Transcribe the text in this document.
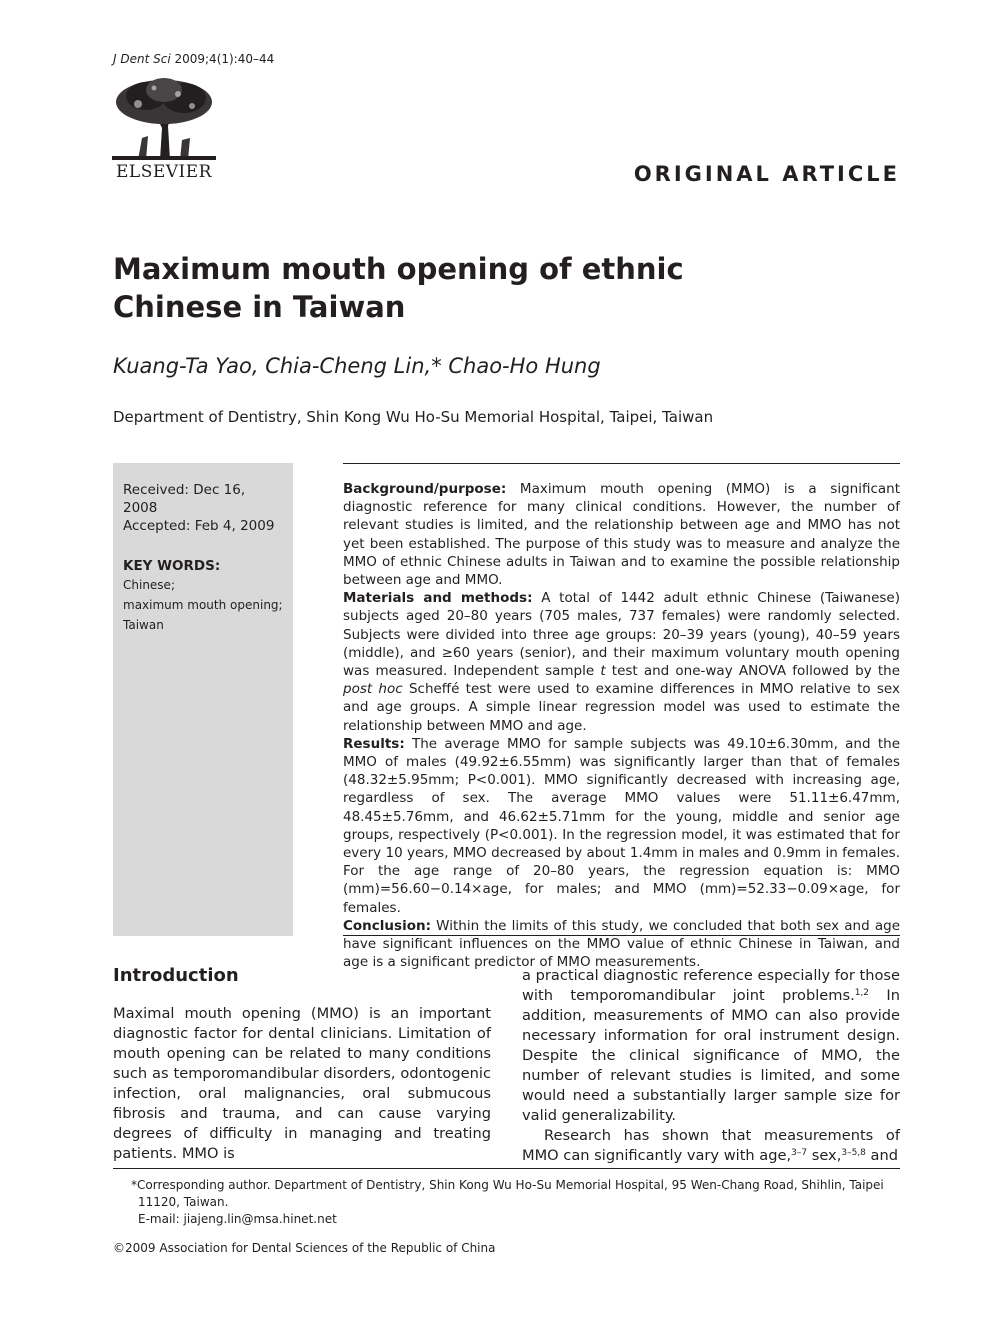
J Dent Sci 2009;4(1):40–44
ELSEVIER	ORIGINAL ARTICLE
Maximum mouth opening of ethnic
Chinese in Taiwan
Kuang-Ta Yao, Chia-Cheng Lin,* Chao-Ho Hung
Department of Dentistry, Shin Kong Wu Ho-Su Memorial Hospital, Taipei, Taiwan
Received: Dec 16, 2008
Accepted: Feb 4, 2009
KEY WORDS:
Chinese;
maximum mouth opening;
Taiwan

Background/purpose: Maximum mouth opening (MMO) is a significant diagnostic reference for many clinical conditions. However, the number of relevant studies is limited, and the relationship between age and MMO has not yet been established. The purpose of this study was to measure and analyze the MMO of ethnic Chinese adults in Taiwan and to examine the possible relationship between age and MMO.

Materials and methods: A total of 1442 adult ethnic Chinese (Taiwanese) subjects aged 20–80 years (705 males, 737 females) were randomly selected. Subjects were divided into three age groups: 20–39 years (young), 40–59 years (middle), and ≥60 years (senior), and their maximum voluntary mouth opening was measured. Independent sample t test and one-way ANOVA followed by the post hoc Scheffé test were used to examine differences in MMO relative to sex and age groups. A simple linear regression model was used to estimate the relationship between MMO and age.

Results: The average MMO for sample subjects was 49.10±6.30mm, and the MMO of males (49.92±6.55mm) was significantly larger than that of females (48.32±5.95mm; P<0.001). MMO significantly decreased with increasing age, regardless of sex. The average MMO values were 51.11±6.47mm, 48.45±5.76mm, and 46.62±5.71mm for the young, middle and senior age groups, respectively (P<0.001). In the regression model, it was estimated that for every 10 years, MMO decreased by about 1.4mm in males and 0.9mm in females. For the age range of 20–80 years, the regression equation is: MMO (mm)=56.60−0.14×age, for males; and MMO (mm)=52.33−0.09×age, for females.

Conclusion: Within the limits of this study, we concluded that both sex and age have significant influences on the MMO value of ethnic Chinese in Taiwan, and age is a significant predictor of MMO measurements.

Introduction

Maximal mouth opening (MMO) is an important diagnostic factor for dental clinicians. Limitation of mouth opening can be related to many conditions such as temporomandibular disorders, odontogenic infection, oral malignancies, oral submucous fibrosis and trauma, and can cause varying degrees of difficulty in managing and treating patients. MMO is

a practical diagnostic reference especially for those with temporomandibular joint problems.$^{1,2}$ In addition, measurements of MMO can also provide necessary information for oral instrument design. Despite the clinical significance of MMO, the number of relevant studies is limited, and some would need a substantially larger sample size for valid generalizability.

Research has shown that measurements of MMO can significantly vary with age,$^{3-7}$ sex,$^{3-5,8}$ and

*Corresponding author. Department of Dentistry, Shin Kong Wu Ho-Su Memorial Hospital, 95 Wen-Chang Road, Shihlin, Taipei 11120, Taiwan.
E-mail: jiajeng.lin@msa.hinet.net
©2009 Association for Dental Sciences of the Republic of China
